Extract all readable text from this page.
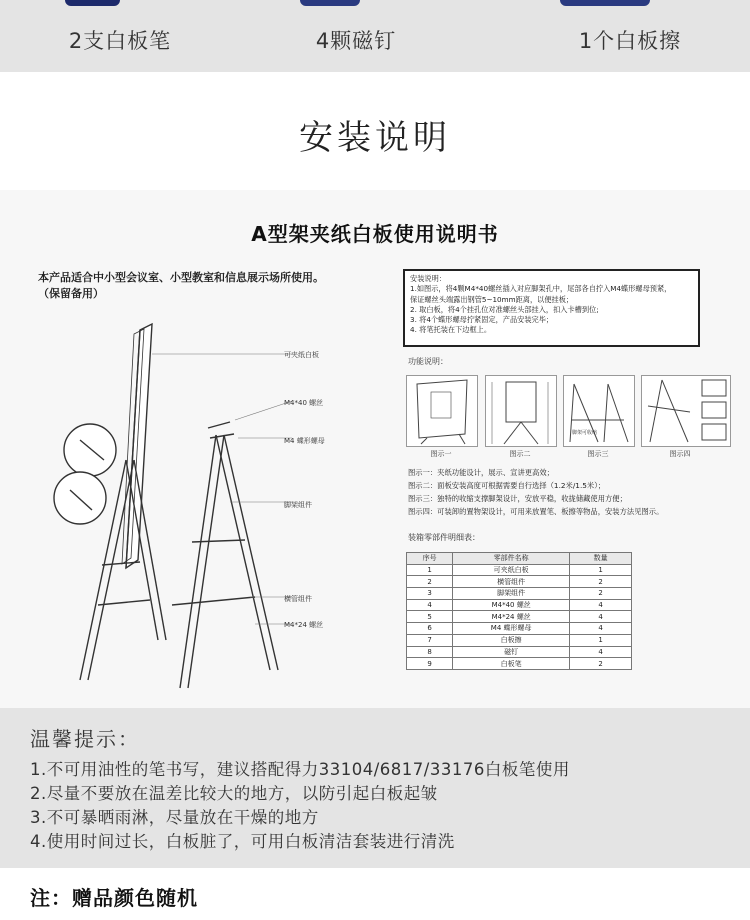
2支白板笔	4颗磁钉	1个白板擦
安装说明
A型架夹纸白板使用说明书
本产品适合中小型会议室、小型教室和信息展示场所使用。
（保留备用）
可夹纸白板
M4*40 螺丝
M4 蝶形螺母
脚架组件
横管组件
M4*24 螺丝
安装说明：
1.如图示，将4颗M4*40螺丝插入对应脚架孔中，尾部各自拧入M4蝶形螺母预紧，
保证螺丝头端露出钢管5~10mm距离，以便挂板；
2. 取白板，将4个挂孔位对准螺丝头部挂入，扣入卡槽到位;
3. 将4个蝶形螺母拧紧固定，产品安装完毕；
4. 将笔托装在下边框上。
功能说明：
脚架可收缩
图示一	图示二	图示三	图示四
图示一：夹纸功能设计，展示、宣讲更高效；
图示二：面板安装高度可根据需要自行选择（1.2米/1.5米）；
图示三：独特的收缩支撑脚架设计，安放平稳，收拢储藏使用方便；
图示四：可装卸的置物架设计，可用来放置笔、板擦等物品，安装方法见图示。
装箱零部件明细表：
序号	零部件名称	数量
1	可夹纸白板	1
2	横管组件	2
3	脚架组件	2
4	M4*40 螺丝	4
5	M4*24 螺丝	4
6	M4 蝶形螺母	4
7	白板擦	1
8	磁钉	4
9	白板笔	2
温馨提示：
1.不可用油性的笔书写，建议搭配得力33104/6817/33176白板笔使用
2.尽量不要放在温差比较大的地方，以防引起白板起皱
3.不可暴晒雨淋，尽量放在干燥的地方
4.使用时间过长，白板脏了，可用白板清洁套装进行清洗
注：赠品颜色随机
